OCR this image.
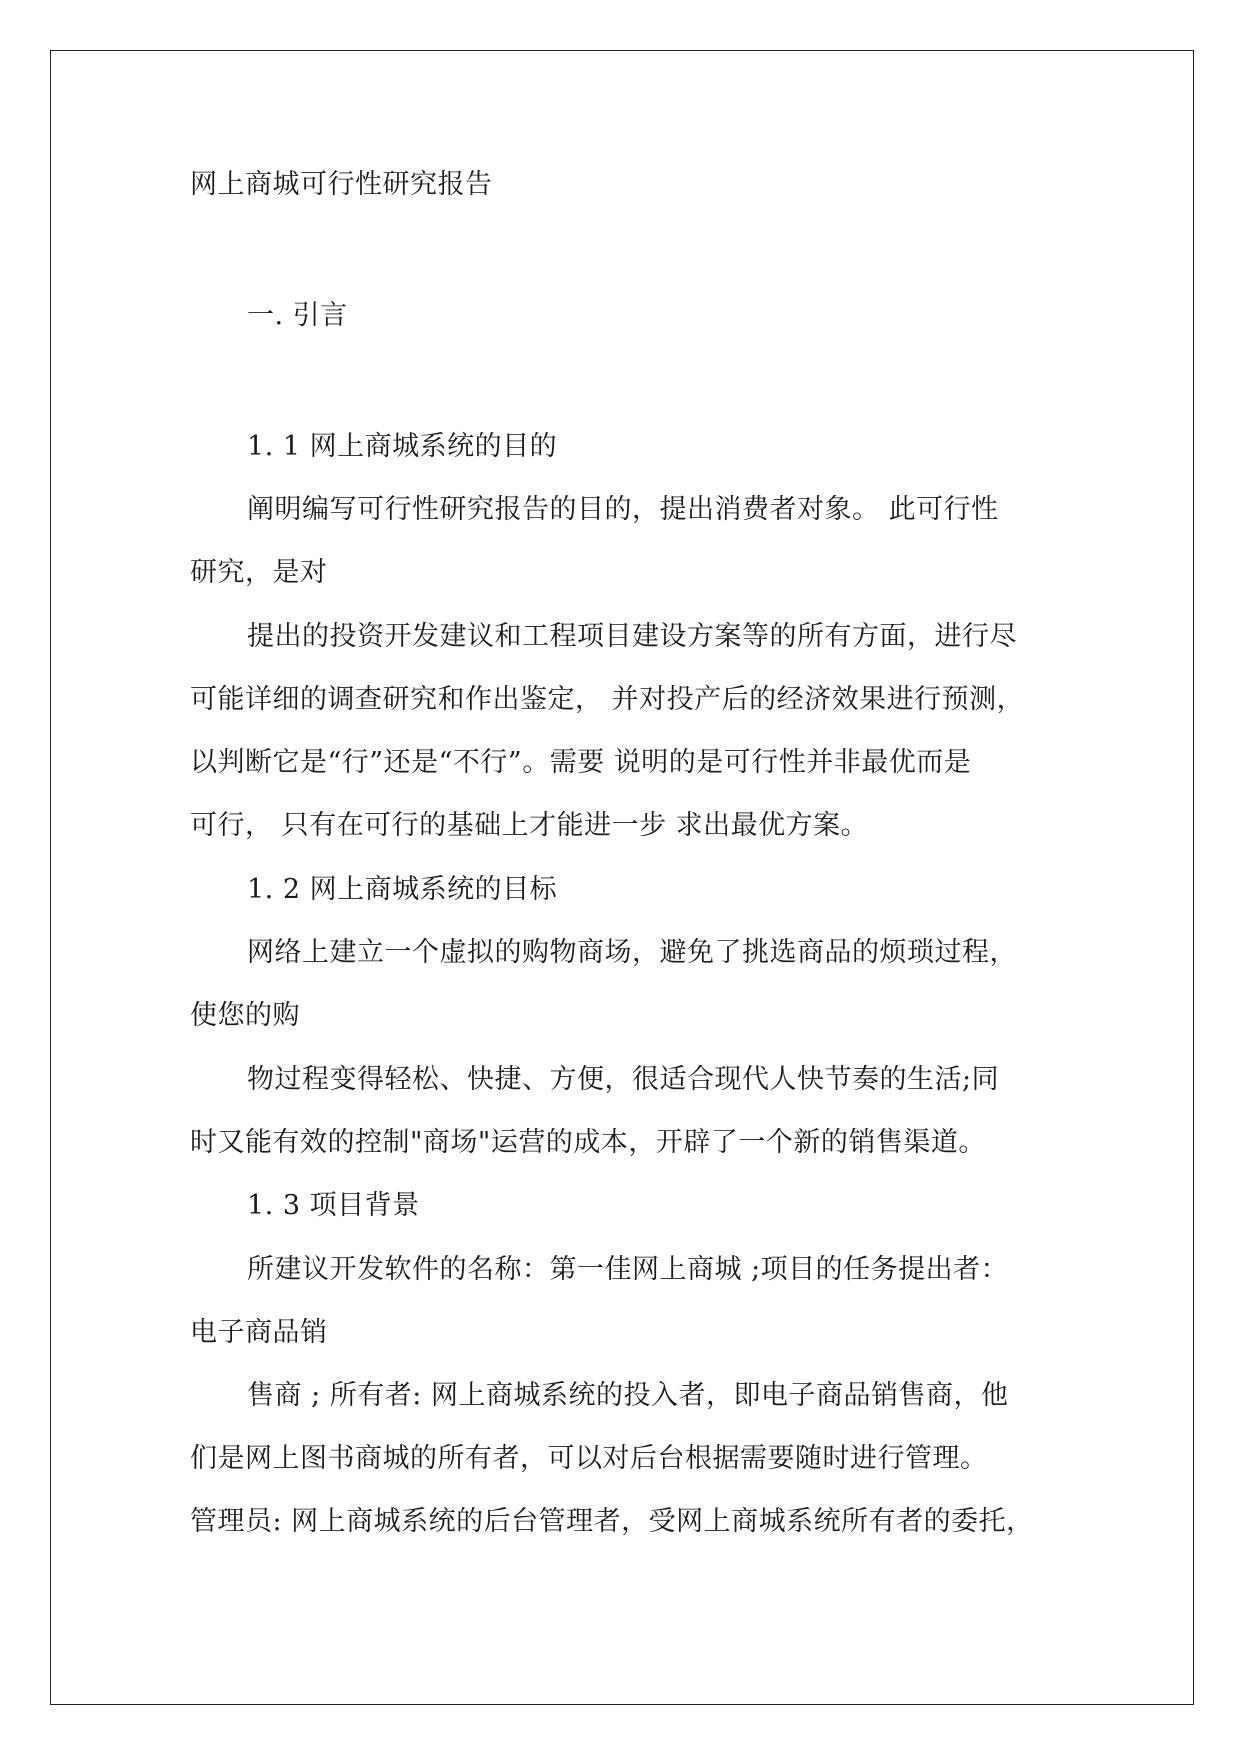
网上商城可行性研究报告
一. 引言
1. 1 网上商城系统的目的
阐明编写可行性研究报告的目的，提出消费者对象。 此可行性
研究，是对
提出的投资开发建议和工程项目建设方案等的所有方面，进行尽
可能详细的调查研究和作出鉴定， 并对投产后的经济效果进行预测，
以判断它是“行”还是“不行”。需要 说明的是可行性并非最优而是
可行， 只有在可行的基础上才能进一步 求出最优方案。
1. 2 网上商城系统的目标
网络上建立一个虚拟的购物商场，避免了挑选商品的烦琐过程，
使您的购
物过程变得轻松、快捷、方便，很适合现代人快节奏的生活;同
时又能有效的控制"商场"运营的成本，开辟了一个新的销售渠道。
1. 3 项目背景
所建议开发软件的名称：第一佳网上商城 ;项目的任务提出者：
电子商品销
售商 ; 所有者: 网上商城系统的投入者，即电子商品销售商，他
们是网上图书商城的所有者，可以对后台根据需要随时进行管理。
管理员: 网上商城系统的后台管理者，受网上商城系统所有者的委托，
